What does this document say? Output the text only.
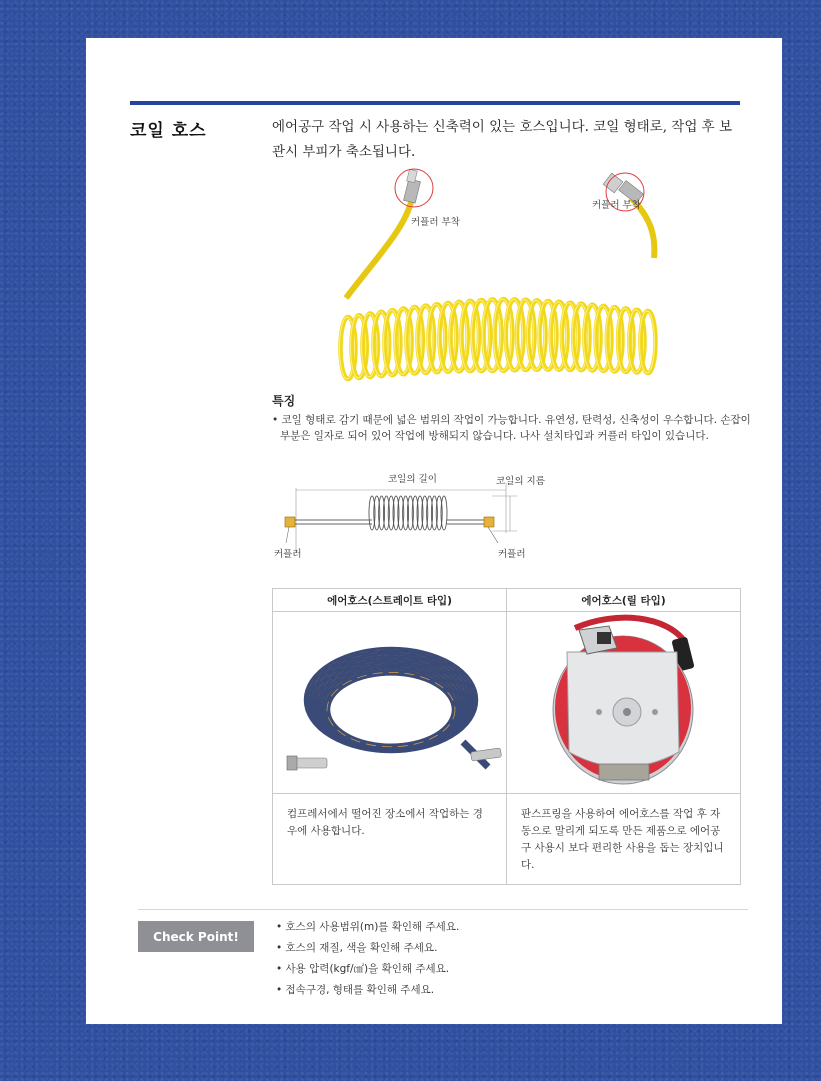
코일 호스	에어공구 작업 시 사용하는 신축력이 있는 호스입니다. 코일 형태로, 작업 후 보관시 부피가 축소됩니다.
커플러 부착
커플러 부착
특징
• 코일 형태로 감기 때문에 넓은 범위의 작업이 가능합니다. 유연성, 탄력성, 신축성이 우수합니다. 손잡이 부분은 일자로 되어 있어 작업에 방해되지 않습니다. 나사 설치타입과 커플러 타입이 있습니다.
코일의 길이	코일의 지름
커플러	커플러
에어호스(스트레이트 타입)	에어호스(릴 타입)

컴프레서에서 떨어진 장소에서 작업하는 경우에 사용합니다.	판스프링을 사용하여 에어호스를 작업 후 자동으로 말리게 되도록 만든 제품으로 에어공구 사용시 보다 편리한 사용을 돕는 장치입니다.
Check Point!
• 호스의 사용범위(m)를 확인해 주세요.
• 호스의 재질, 색을 확인해 주세요.
• 사용 압력(kgf/㎠)을 확인해 주세요.
• 접속구경, 형태를 확인해 주세요.
